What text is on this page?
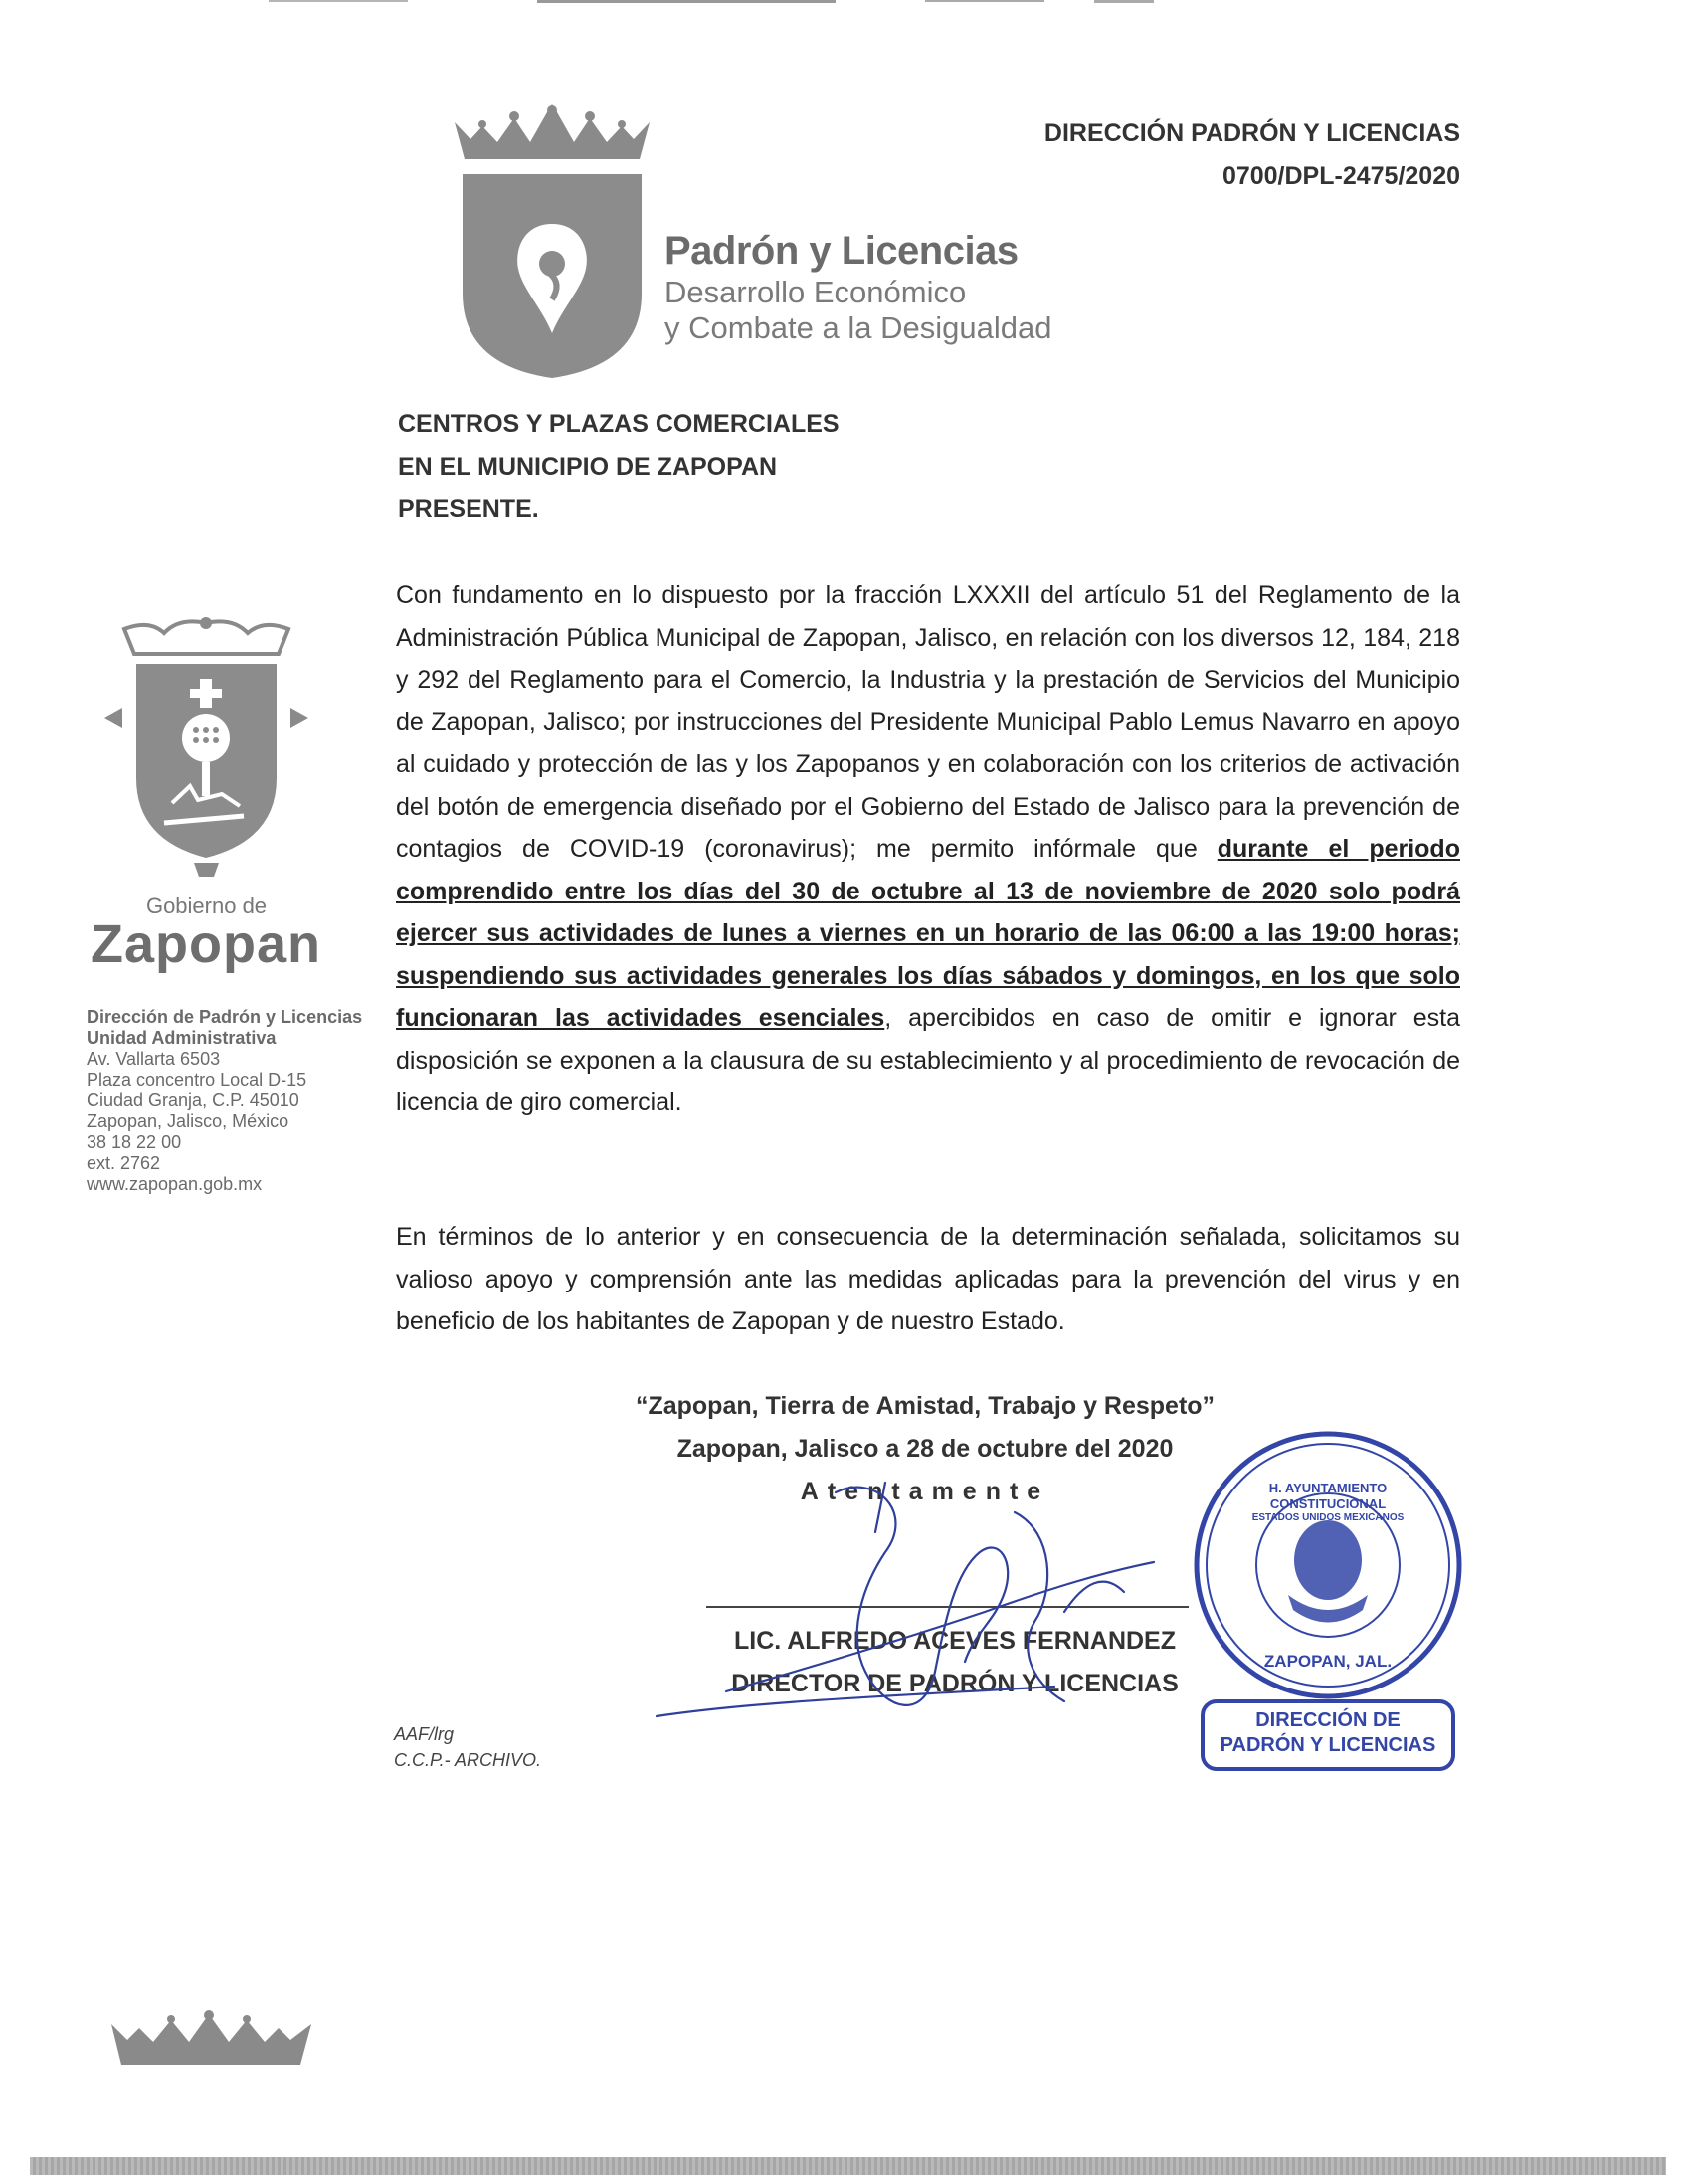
Padrón y Licencias
Desarrollo Económico
y Combate a la Desigualdad
DIRECCIÓN PADRÓN Y LICENCIAS
0700/DPL-2475/2020
CENTROS Y PLAZAS COMERCIALES
EN EL MUNICIPIO DE ZAPOPAN
PRESENTE.
Gobierno de
Zapopan
Dirección de Padrón y Licencias
Unidad Administrativa
Av. Vallarta 6503
Plaza concentro Local D-15
Ciudad Granja, C.P. 45010
Zapopan, Jalisco, México
38 18 22 00
ext. 2762
www.zapopan.gob.mx
Con fundamento en lo dispuesto por la fracción LXXXII del artículo 51 del Reglamento de la Administración Pública Municipal de Zapopan, Jalisco, en relación con los diversos 12, 184, 218 y 292 del Reglamento para el Comercio, la Industria y la prestación de Servicios del Municipio de Zapopan, Jalisco; por instrucciones del Presidente Municipal Pablo Lemus Navarro en apoyo al cuidado y protección de las y los Zapopanos y en colaboración con los criterios de activación del botón de emergencia diseñado por el Gobierno del Estado de Jalisco para la prevención de contagios de COVID-19 (coronavirus); me permito infórmale que durante el periodo comprendido entre los días del 30 de octubre al 13 de noviembre de 2020 solo podrá ejercer sus actividades de lunes a viernes en un horario de las 06:00 a las 19:00 horas; suspendiendo sus actividades generales los días sábados y domingos, en los que solo funcionaran las actividades esenciales, apercibidos en caso de omitir e ignorar esta disposición se exponen a la clausura de su establecimiento y al procedimiento de revocación de licencia de giro comercial.
En términos de lo anterior y en consecuencia de la determinación señalada, solicitamos su valioso apoyo y comprensión ante las medidas aplicadas para la prevención del virus y en beneficio de los habitantes de Zapopan y de nuestro Estado.
“Zapopan, Tierra de Amistad, Trabajo y Respeto”
Zapopan, Jalisco a 28 de octubre del 2020
Atentamente
LIC. ALFREDO ACEVES FERNANDEZ
DIRECTOR DE PADRÓN Y LICENCIAS
DIRECCIÓN DE
PADRÓN Y LICENCIAS
H. AYUNTAMIENTO CONSTITUCIONAL
ESTADOS UNIDOS MEXICANOS
ZAPOPAN, JAL.
AAF/lrg
C.C.P.- ARCHIVO.
